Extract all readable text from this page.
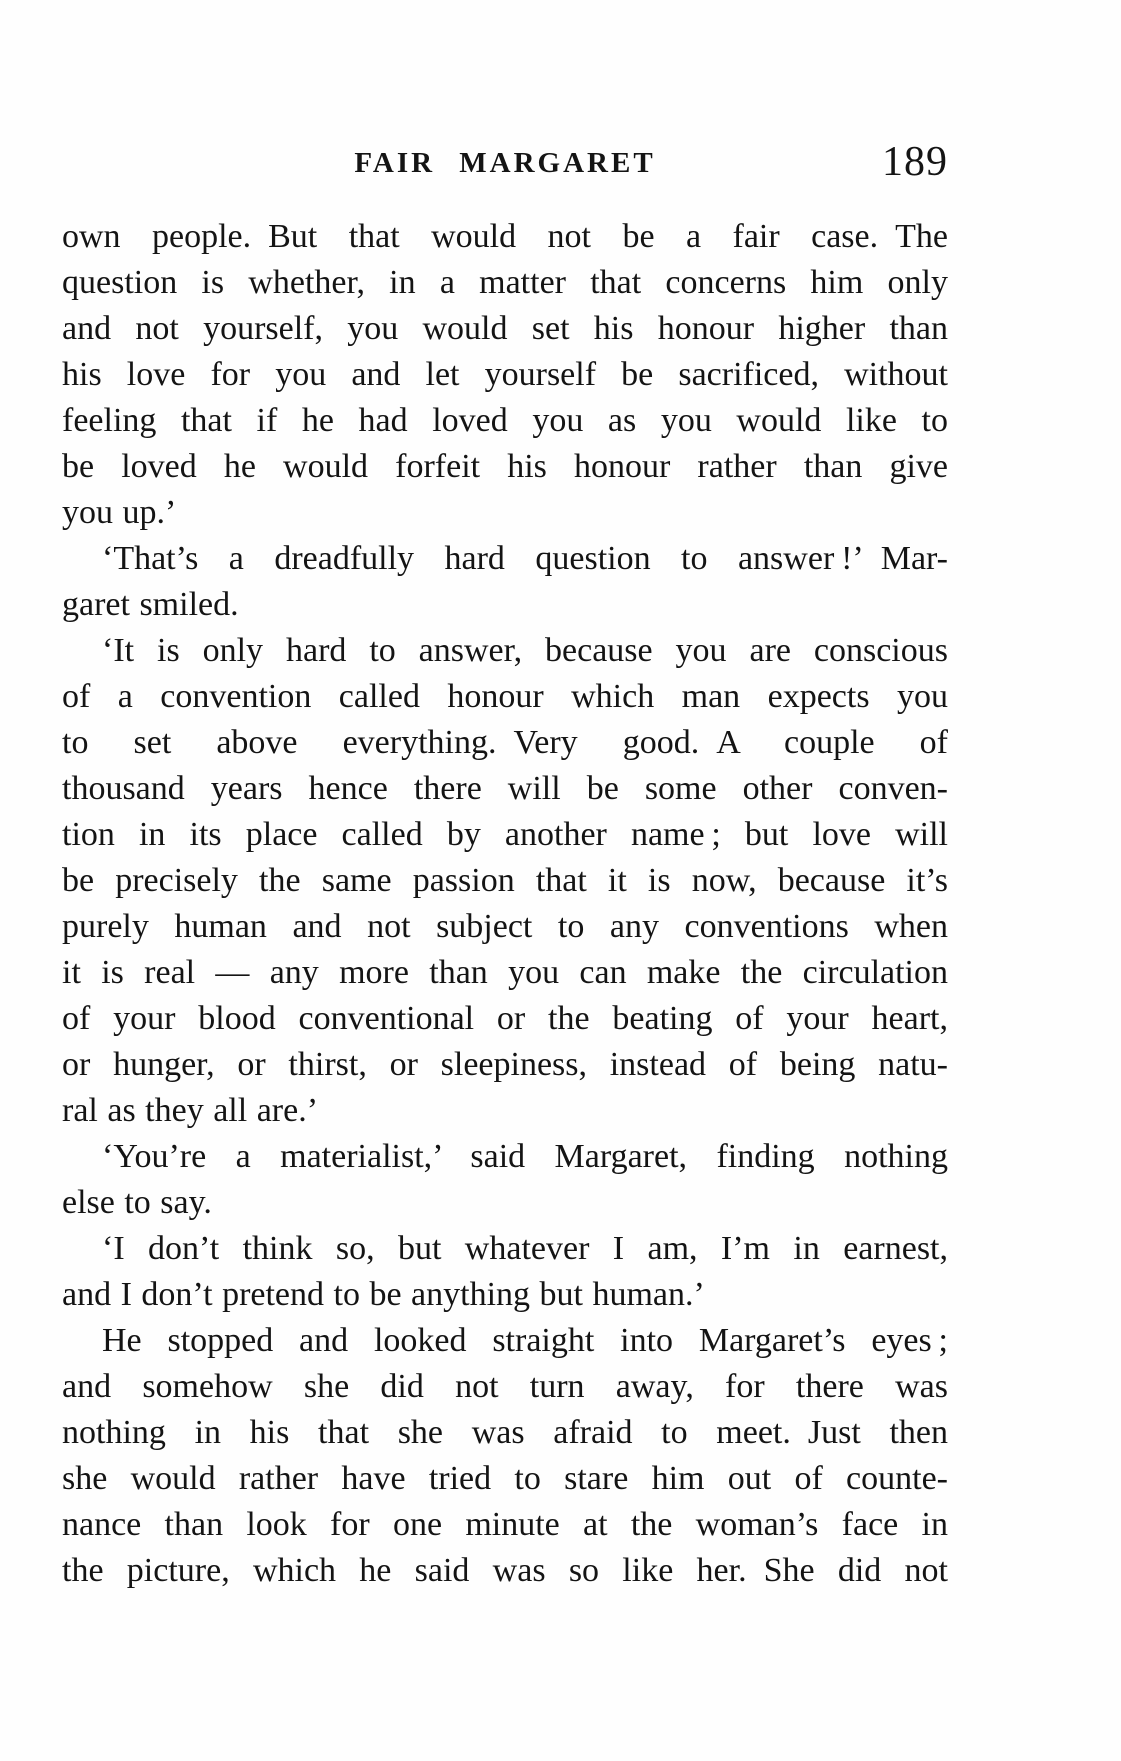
FAIR MARGARET	189
own people. But that would not be a fair case. The
question is whether, in a matter that concerns him only
and not yourself, you would set his honour higher than
his love for you and let yourself be sacrificed, without
feeling that if he had loved you as you would like to
be loved he would forfeit his honour rather than give
you up.’
‘That’s a dreadfully hard question to answer !’ Mar-
garet smiled.
‘It is only hard to answer, because you are conscious
of a convention called honour which man expects you
to set above everything. Very good. A couple of
thousand years hence there will be some other conven-
tion in its place called by another name ; but love will
be precisely the same passion that it is now, because it’s
purely human and not subject to any conventions when
it is real — any more than you can make the circulation
of your blood conventional or the beating of your heart,
or hunger, or thirst, or sleepiness, instead of being natu-
ral as they all are.’
‘You’re a materialist,’ said Margaret, finding nothing
else to say.
‘I don’t think so, but whatever I am, I’m in earnest,
and I don’t pretend to be anything but human.’
He stopped and looked straight into Margaret’s eyes ;
and somehow she did not turn away, for there was
nothing in his that she was afraid to meet. Just then
she would rather have tried to stare him out of counte-
nance than look for one minute at the woman’s face in
the picture, which he said was so like her. She did not
